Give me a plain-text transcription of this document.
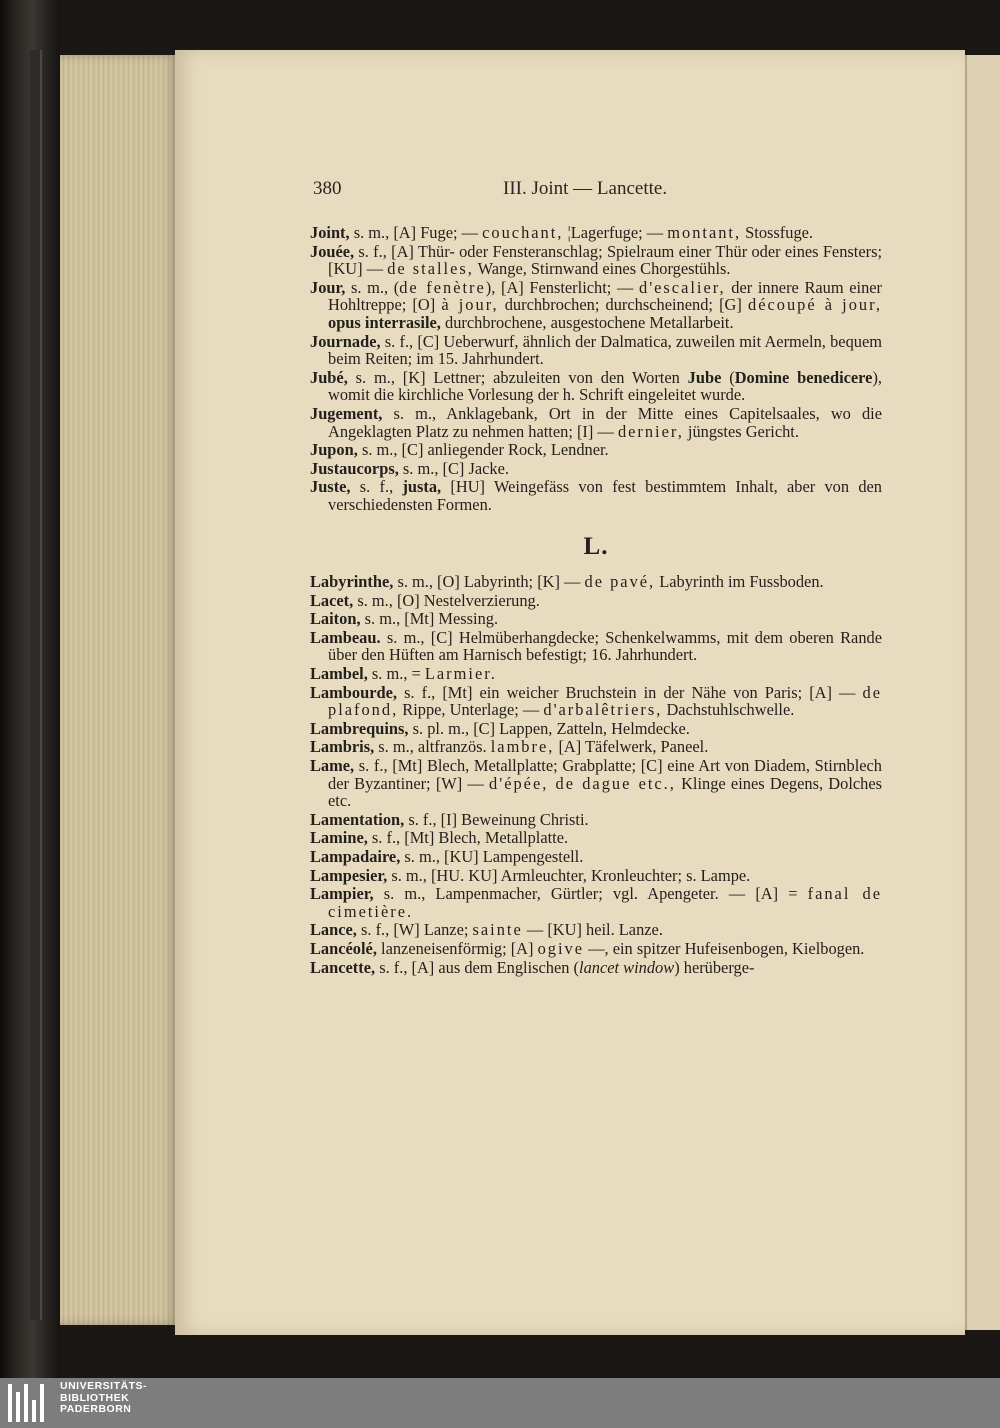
380	III. Joint — Lancette.
Joint, s. m., [A] Fuge; — couchant, ¦Lagerfuge; — montant, Stossfuge.
Jouée, s. f., [A] Thür- oder Fensteranschlag; Spielraum einer Thür oder eines Fensters; [KU] — de stalles, Wange, Stirnwand eines Chorgestühls.
Jour, s. m., (de fenètre), [A] Fensterlicht; — d'escalier, der innere Raum einer Hohltreppe; [O] à jour, durchbrochen; durchscheinend; [G] découpé à jour, opus interrasile, durchbrochene, ausgestochene Metallarbeit.
Journade, s. f., [C] Ueberwurf, ähnlich der Dalmatica, zuweilen mit Aermeln, bequem beim Reiten; im 15. Jahrhundert.
Jubé, s. m., [K] Lettner; abzuleiten von den Worten Jube (Domine benedicere), womit die kirchliche Vorlesung der h. Schrift eingeleitet wurde.
Jugement, s. m., Anklagebank, Ort in der Mitte eines Capitelsaales, wo die Angeklagten Platz zu nehmen hatten; [I] — dernier, jüngstes Gericht.
Jupon, s. m., [C] anliegender Rock, Lendner.
Justaucorps, s. m., [C] Jacke.
Juste, s. f., justa, [HU] Weingefäss von fest bestimmtem Inhalt, aber von den verschiedensten Formen.
L.
Labyrinthe, s. m., [O] Labyrinth; [K] — de pavé, Labyrinth im Fussboden.
Lacet, s. m., [O] Nestelverzierung.
Laiton, s. m., [Mt] Messing.
Lambeau. s. m., [C] Helmüberhangdecke; Schenkelwamms, mit dem oberen Rande über den Hüften am Harnisch befestigt; 16. Jahrhundert.
Lambel, s. m., = Larmier.
Lambourde, s. f., [Mt] ein weicher Bruchstein in der Nähe von Paris; [A] — de plafond, Rippe, Unterlage; — d'arbalêtriers, Dachstuhlschwelle.
Lambrequins, s. pl. m., [C] Lappen, Zatteln, Helmdecke.
Lambris, s. m., altfranzös. lambre, [A] Täfelwerk, Paneel.
Lame, s. f., [Mt] Blech, Metallplatte; Grabplatte; [C] eine Art von Diadem, Stirnblech der Byzantiner; [W] — d'épée, de dague etc., Klinge eines Degens, Dolches etc.
Lamentation, s. f., [I] Beweinung Christi.
Lamine, s. f., [Mt] Blech, Metallplatte.
Lampadaire, s. m., [KU] Lampengestell.
Lampesier, s. m., [HU. KU] Armleuchter, Kronleuchter; s. Lampe.
Lampier, s. m., Lampenmacher, Gürtler; vgl. Apengeter. — [A] = fanal de cimetière.
Lance, s. f., [W] Lanze; sainte — [KU] heil. Lanze.
Lancéolé, lanzeneisenförmig; [A] ogive —, ein spitzer Hufeisenbogen, Kielbogen.
Lancette, s. f., [A] aus dem Englischen (lancet window) herüberge-
UNIVERSITÄTS-
BIBLIOTHEK
PADERBORN
